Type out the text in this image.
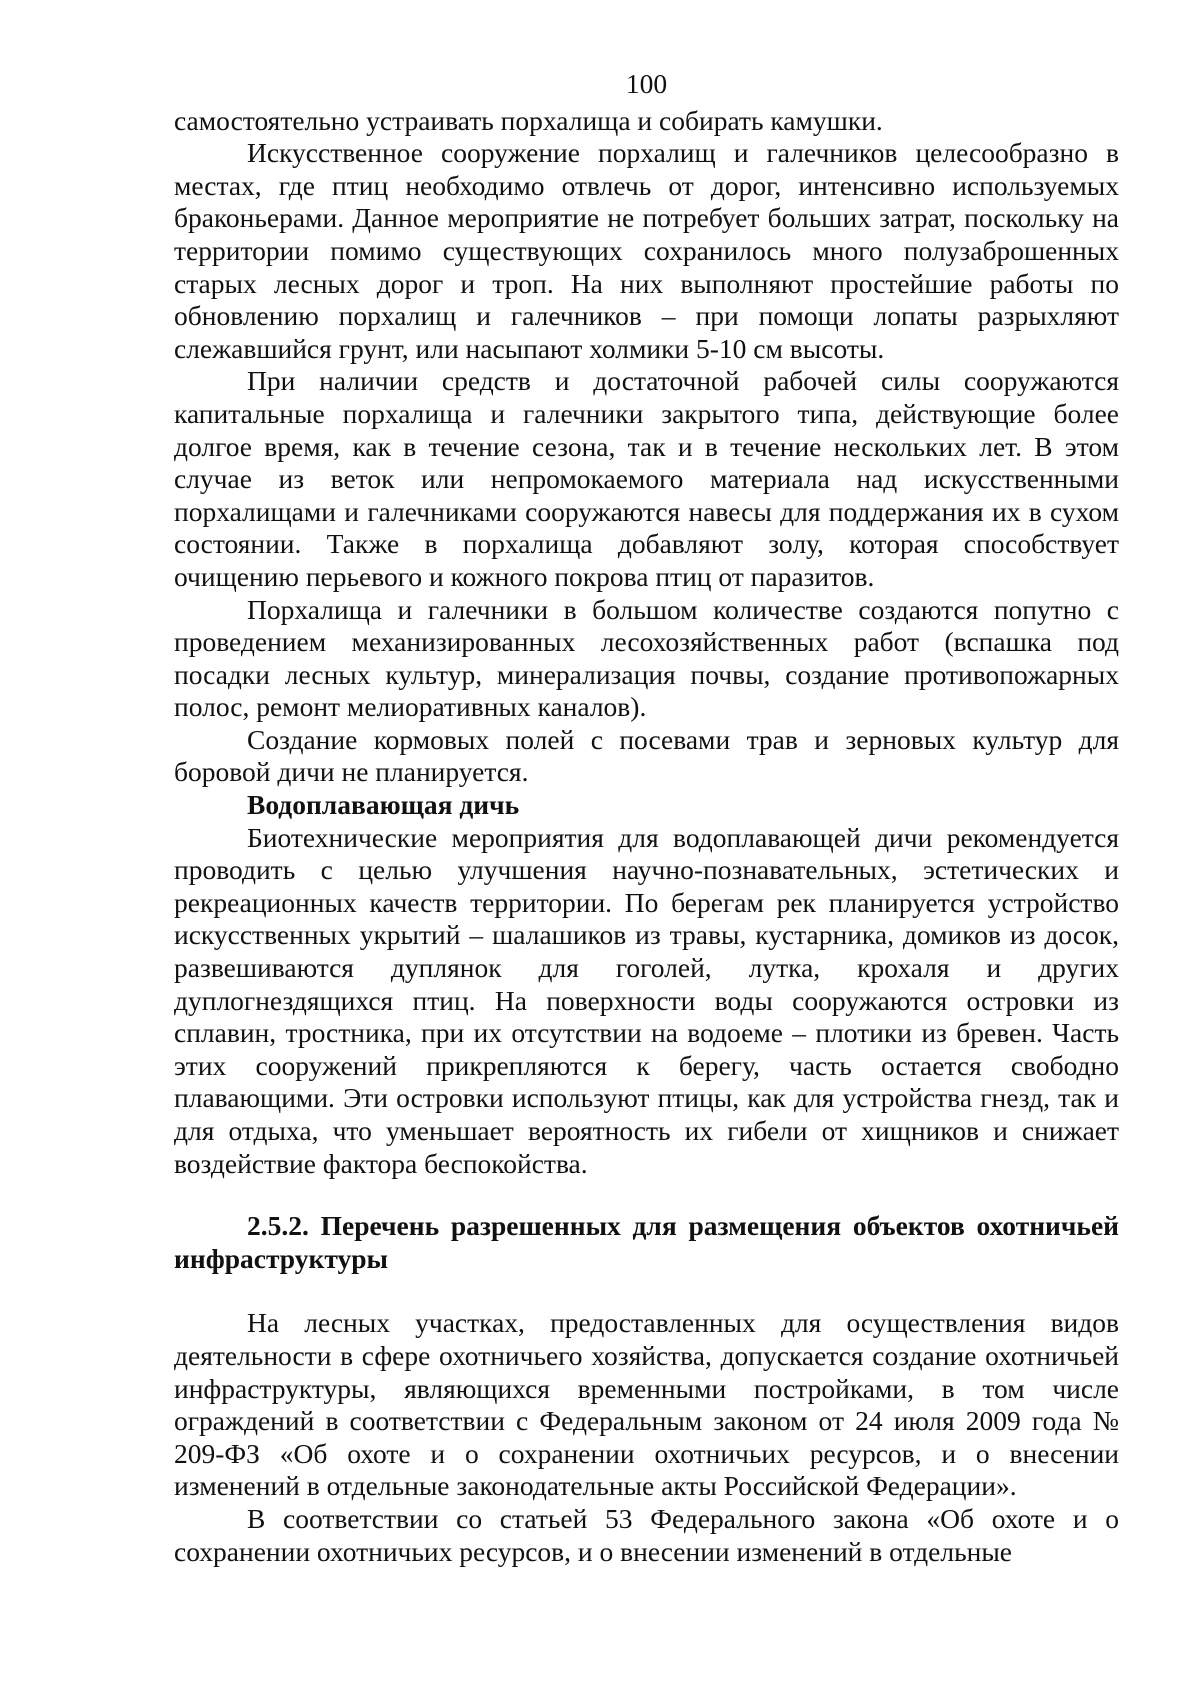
100

самостоятельно устраивать порхалища и собирать камушки.

Искусственное сооружение порхалищ и галечников целесообразно в местах, где птиц необходимо отвлечь от дорог, интенсивно используемых браконьерами. Данное мероприятие не потребует больших затрат, поскольку на территории помимо существующих сохранилось много полузаброшенных старых лесных дорог и троп. На них выполняют простейшие работы по обновлению порхалищ и галечников – при помощи лопаты разрыхляют слежавшийся грунт, или насыпают холмики 5-10 см высоты.

При наличии средств и достаточной рабочей силы сооружаются капитальные порхалища и галечники закрытого типа, действующие более долгое время, как в течение сезона, так и в течение нескольких лет. В этом случае из веток или непромокаемого материала над искусственными порхалищами и галечниками сооружаются навесы для поддержания их в сухом состоянии. Также в порхалища добавляют золу, которая способствует очищению перьевого и кожного покрова птиц от паразитов.

Порхалища и галечники в большом количестве создаются попутно с проведением механизированных лесохозяйственных работ (вспашка под посадки лесных культур, минерализация почвы, создание противопожарных полос, ремонт мелиоративных каналов).

Создание кормовых полей с посевами трав и зерновых культур для боровой дичи не планируется.

Водоплавающая дичь

Биотехнические мероприятия для водоплавающей дичи рекомендуется проводить с целью улучшения научно-познавательных, эстетических и рекреационных качеств территории. По берегам рек планируется устройство искусственных укрытий – шалашиков из травы, кустарника, домиков из досок, развешиваются дуплянок для гоголей, лутка, крохаля и других дуплогнездящихся птиц. На поверхности воды сооружаются островки из сплавин, тростника, при их отсутствии на водоеме – плотики из бревен. Часть этих сооружений прикрепляются к берегу, часть остается свободно плавающими. Эти островки используют птицы, как для устройства гнезд, так и для отдыха, что уменьшает вероятность их гибели от хищников и снижает воздействие фактора беспокойства.

2.5.2. Перечень разрешенных для размещения объектов охотничьей инфраструктуры

На лесных участках, предоставленных для осуществления видов деятельности в сфере охотничьего хозяйства, допускается создание охотничьей инфраструктуры, являющихся временными постройками, в том числе ограждений в соответствии с Федеральным законом от 24 июля 2009 года № 209-ФЗ «Об охоте и о сохранении охотничьих ресурсов, и о внесении изменений в отдельные законодательные акты Российской Федерации».

В соответствии со статьей 53 Федерального закона «Об охоте и о сохранении охотничьих ресурсов, и о внесении изменений в отдельные
